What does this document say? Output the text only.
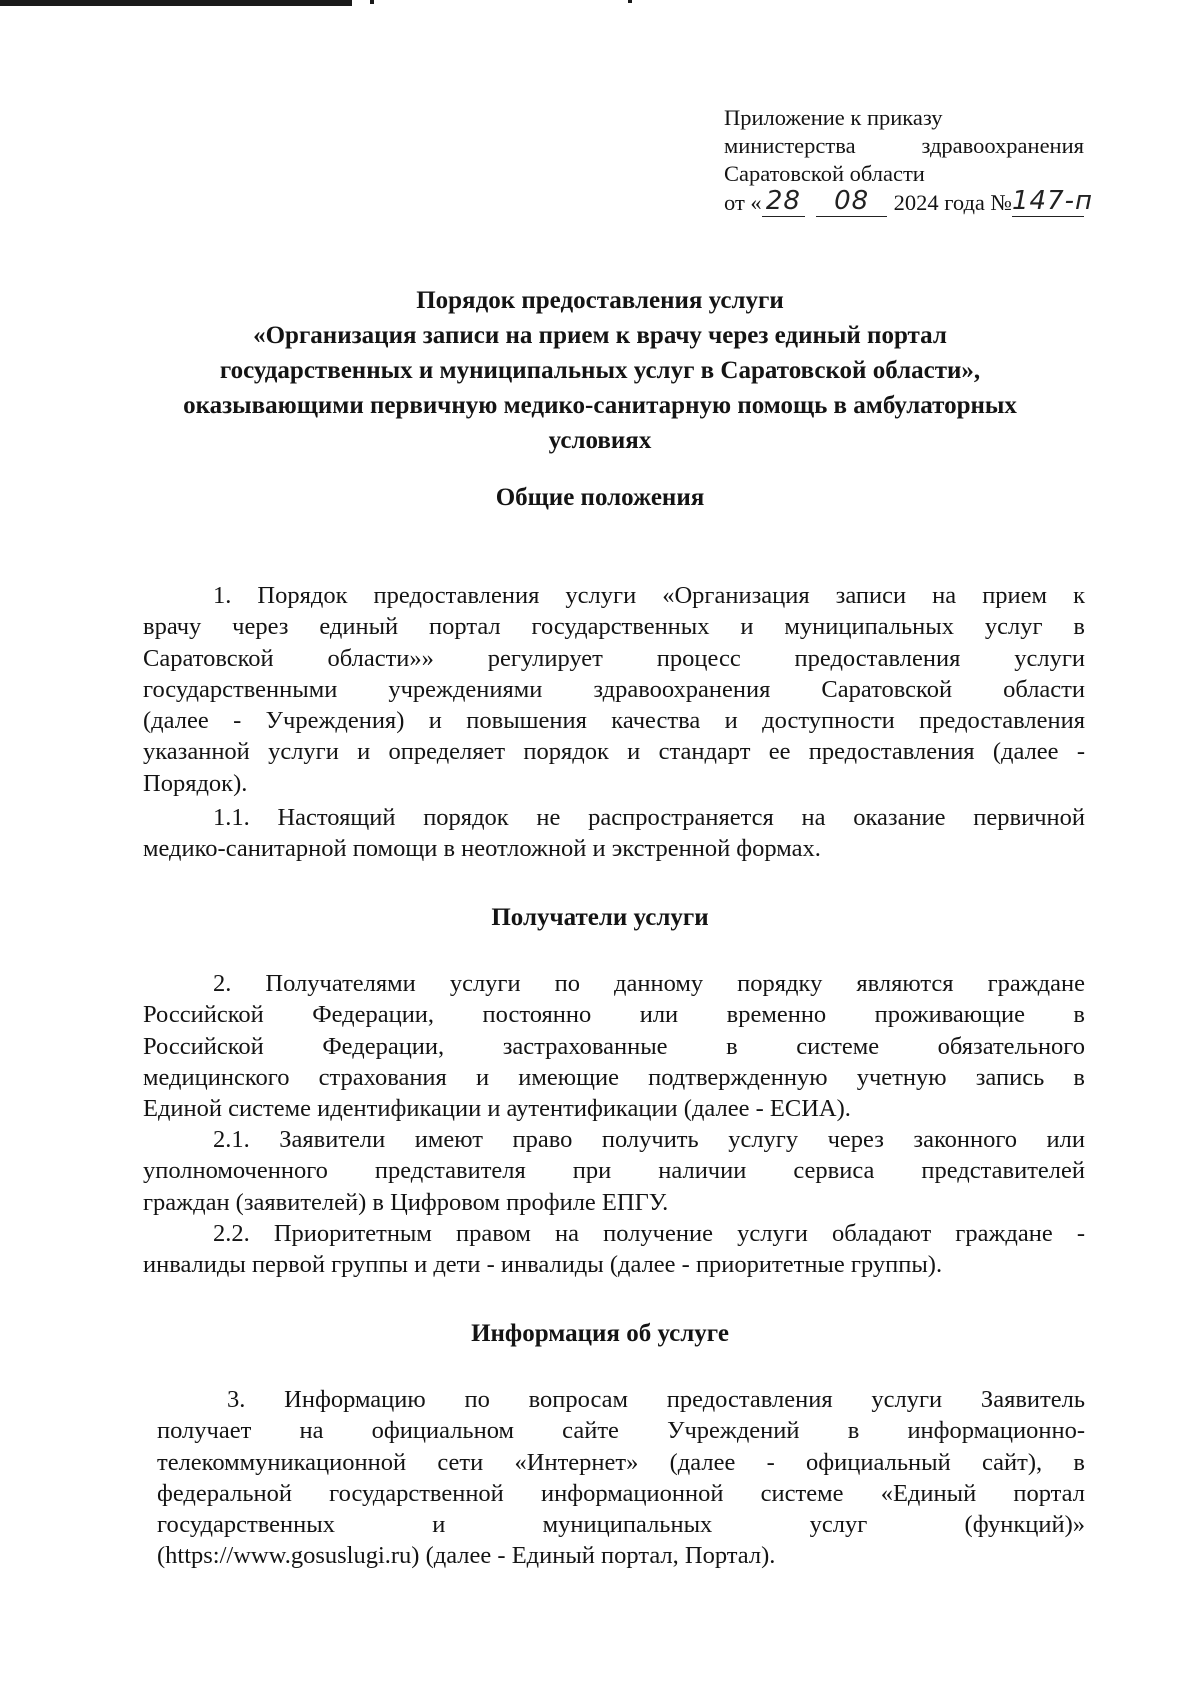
Приложение к приказу
министерства	здравоохранения
Саратовской области
от « 28	08	2024 года № 147-п
Порядок предоставления услуги
«Организация записи на прием к врачу через единый портал
государственных и муниципальных услуг в Саратовской области»,
оказывающими первичную медико-санитарную помощь в амбулаторных
условиях
Общие положения
1. Порядок предоставления услуги «Организация записи на прием к
врачу через единый портал государственных и муниципальных услуг в
Саратовской области»» регулирует процесс предоставления услуги
государственными учреждениями здравоохранения Саратовской области
(далее - Учреждения) и повышения качества и доступности предоставления
указанной услуги и определяет порядок и стандарт ее предоставления (далее -
Порядок).
1.1. Настоящий порядок не распространяется на оказание первичной
медико-санитарной помощи в неотложной и экстренной формах.
Получатели услуги
2. Получателями услуги по данному порядку являются граждане
Российской Федерации, постоянно или временно проживающие в
Российской Федерации, застрахованные в системе обязательного
медицинского страхования и имеющие подтвержденную учетную запись в
Единой системе идентификации и аутентификации (далее - ЕСИА).
2.1. Заявители имеют право получить услугу через законного или
уполномоченного представителя при наличии сервиса представителей
граждан (заявителей) в Цифровом профиле ЕПГУ.
2.2. Приоритетным правом на получение услуги обладают граждане -
инвалиды первой группы и дети - инвалиды (далее - приоритетные группы).
Информация об услуге
3. Информацию по вопросам предоставления услуги Заявитель
получает на официальном сайте Учреждений в информационно-
телекоммуникационной сети «Интернет» (далее - официальный сайт), в
федеральной государственной информационной системе «Единый портал
государственных и муниципальных услуг (функций)»
(https://www.gosuslugi.ru) (далее - Единый портал, Портал).
